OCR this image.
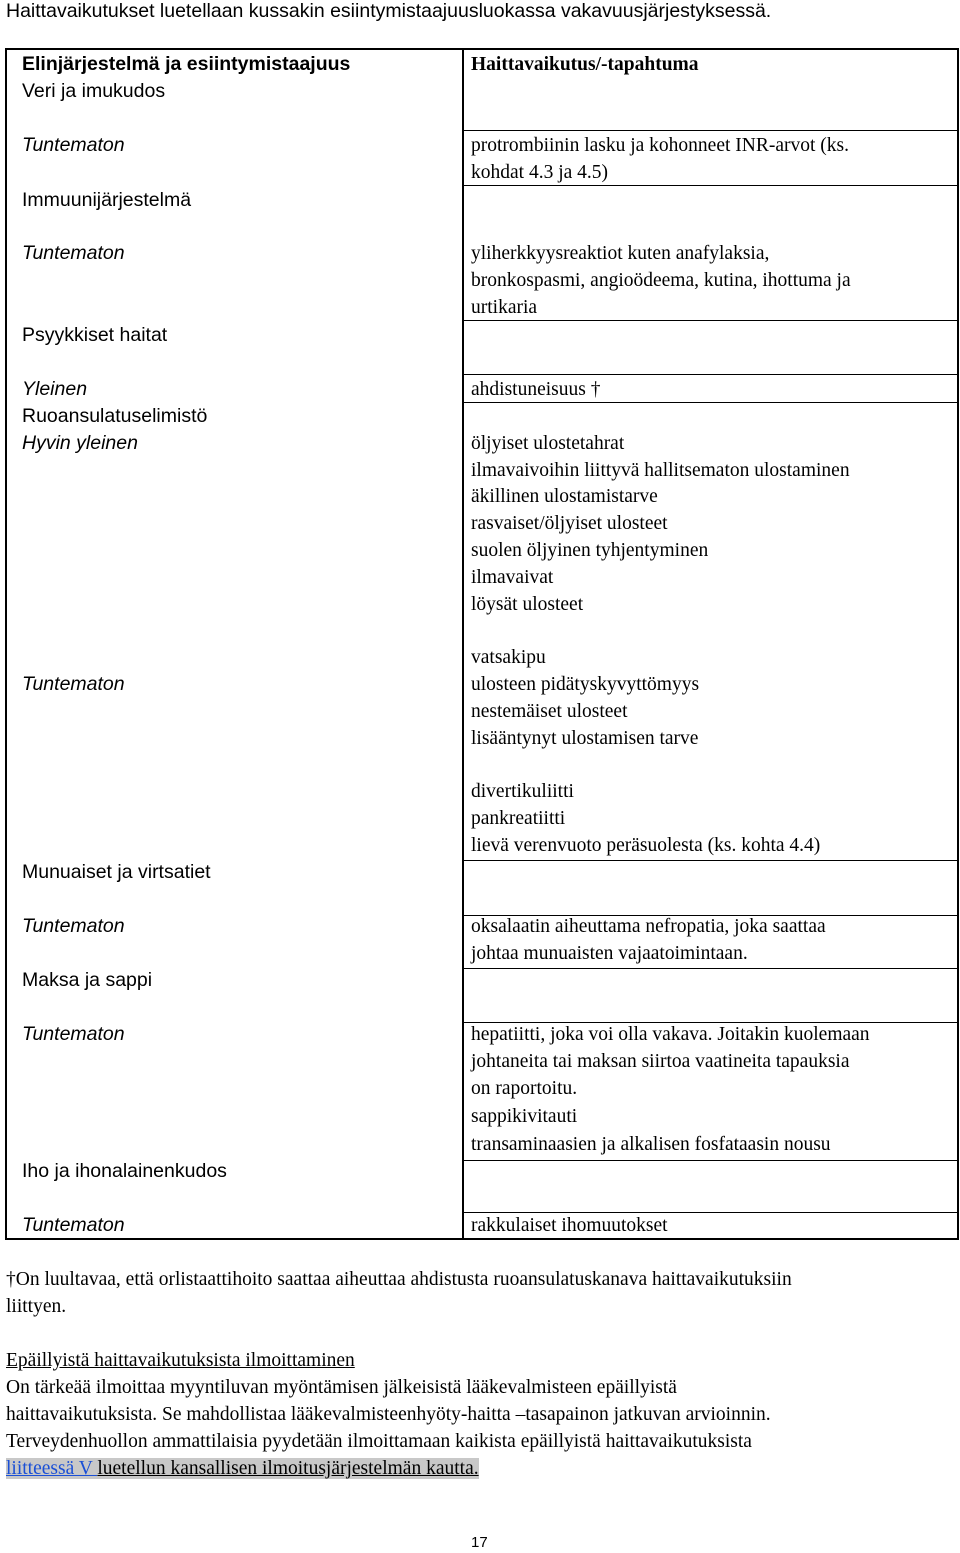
Haittavaikutukset luetellaan kussakin esiintymistaajuusluokassa vakavuusjärjestyksessä.
Elinjärjestelmä ja esiintymistaajuus
Veri ja imukudos
Tuntematon
Immuunijärjestelmä
Tuntematon
Psyykkiset haitat
Yleinen
Ruoansulatuselimistö
Hyvin yleinen
Tuntematon
Munuaiset ja virtsatiet
Tuntematon
Maksa ja sappi
Tuntematon
Iho ja ihonalainenkudos
Tuntematon
Haittavaikutus/-tapahtuma
protrombiinin lasku ja kohonneet INR-arvot (ks.
kohdat 4.3 ja 4.5)
yliherkkyysreaktiot kuten anafylaksia,
bronkospasmi, angioödeema, kutina, ihottuma ja
urtikaria
ahdistuneisuus †
öljyiset ulostetahrat
ilmavaivoihin liittyvä hallitsematon ulostaminen
äkillinen ulostamistarve
rasvaiset/öljyiset ulosteet
suolen öljyinen tyhjentyminen
ilmavaivat
löysät ulosteet
vatsakipu
ulosteen pidätyskyvyttömyys
nestemäiset ulosteet
lisääntynyt ulostamisen tarve
divertikuliitti
pankreatiitti
lievä verenvuoto peräsuolesta (ks. kohta 4.4)
oksalaatin aiheuttama nefropatia, joka saattaa
johtaa munuaisten vajaatoimintaan.
hepatiitti, joka voi olla vakava. Joitakin kuolemaan
johtaneita tai maksan siirtoa vaatineita tapauksia
on raportoitu.
sappikivitauti
transaminaasien ja alkalisen fosfataasin nousu
rakkulaiset ihomuutokset
†On luultavaa, että orlistaattihoito saattaa aiheuttaa ahdistusta ruoansulatuskanava haittavaikutuksiin
liittyen.
Epäillyistä haittavaikutuksista ilmoittaminen
On tärkeää ilmoittaa myyntiluvan myöntämisen jälkeisistä lääkevalmisteen epäillyistä
haittavaikutuksista. Se mahdollistaa lääkevalmisteenhyöty-haitta –tasapainon jatkuvan arvioinnin.
Terveydenhuollon ammattilaisia pyydetään ilmoittamaan kaikista epäillyistä haittavaikutuksista
liitteessä V luetellun kansallisen ilmoitusjärjestelmän kautta.
17
